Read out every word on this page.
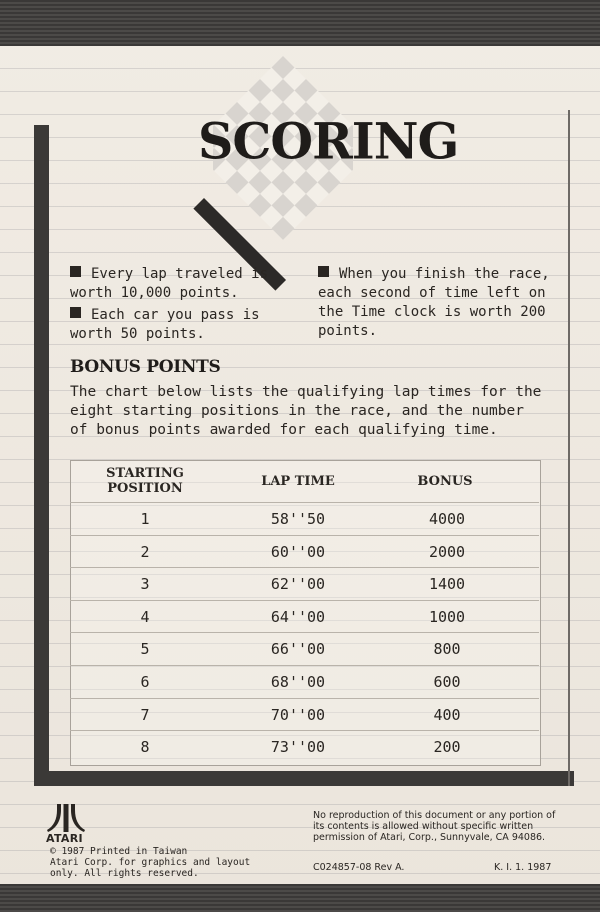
SCORING
Every lap traveled is worth 10,000 points.
Each car you pass is worth 50 points.
When you finish the race, each second of time left on the Time clock is worth 200 points.
BONUS POINTS
The chart below lists the qualifying lap times for the eight starting positions in the race, and the number of bonus points awarded for each qualifying time.
STARTING
POSITION	LAP TIME	BONUS
1	58''50	4000
2	60''00	2000
3	62''00	1400
4	64''00	1000
5	66''00	800
6	68''00	600
7	70''00	400
8	73''00	200
ATARI
© 1987 Printed in Taiwan
Atari Corp. for graphics and layout only. All rights reserved.
No reproduction of this document or any portion of its contents is allowed without specific written permission of Atari, Corp., Sunnyvale, CA 94086.
C024857-08 Rev A.	K. I. 1. 1987
